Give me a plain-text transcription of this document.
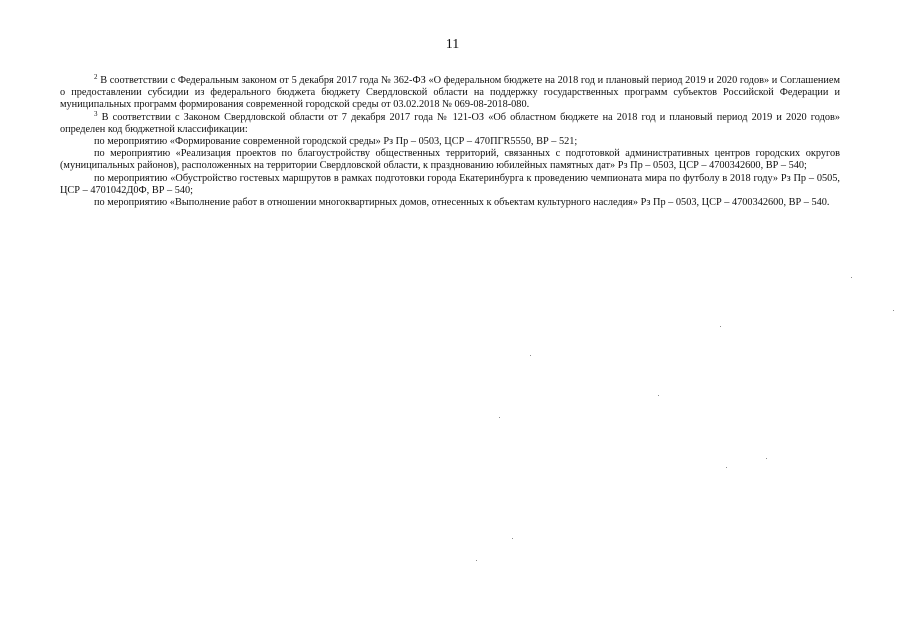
11

$^2$ В соответствии с Федеральным законом от 5 декабря 2017 года № 362-ФЗ «О федеральном бюджете на 2018 год и плановый период 2019 и 2020 годов» и Соглашением о предоставлении субсидии из федерального бюджета бюджету Свердловской области на поддержку государственных программ субъектов Российской Федерации и муниципальных программ формирования современной городской среды от 03.02.2018 № 069-08-2018-080.

$^3$ В соответствии с Законом Свердловской области от 7 декабря 2017 года № 121-ОЗ «Об областном бюджете на 2018 год и плановый период 2019 и 2020 годов» определен код бюджетной классификации:

по мероприятию «Формирование современной городской среды» Рз Пр – 0503, ЦСР – 470ПГR5550, ВР – 521;

по мероприятию «Реализация проектов по благоустройству общественных территорий, связанных с подготовкой административных центров городских округов (муниципальных районов), расположенных на территории Свердловской области, к празднованию юбилейных памятных дат» Рз Пр – 0503, ЦСР – 4700342600, ВР – 540;

по мероприятию «Обустройство гостевых маршрутов в рамках подготовки города Екатеринбурга к проведению чемпионата мира по футболу в 2018 году» Рз Пр – 0505, ЦСР – 4701042Д0Ф, ВР – 540;

по мероприятию «Выполнение работ в отношении многоквартирных домов, отнесенных к объектам культурного наследия» Рз Пр – 0503, ЦСР – 4700342600, ВР – 540.
